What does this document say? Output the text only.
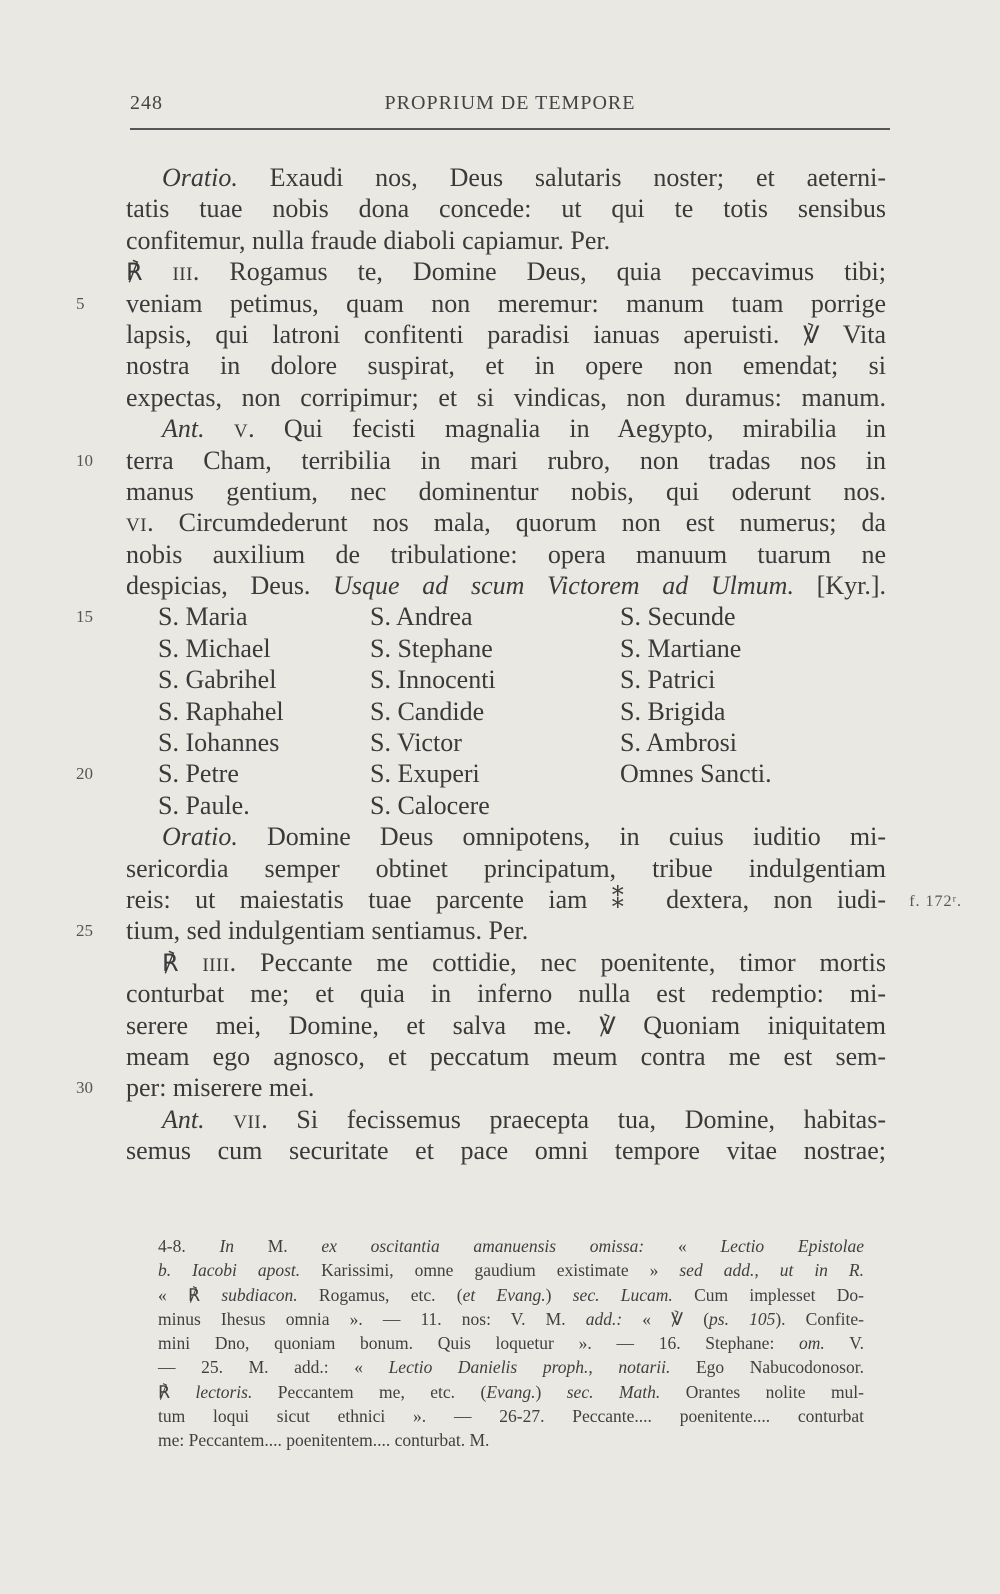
248	PROPRIUM DE TEMPORE
Oratio. Exaudi nos, Deus salutaris noster; et aeterni-
tatis tuae nobis dona concede: ut qui te totis sensibus
confitemur, nulla fraude diaboli capiamur. Per.
℟ III. Rogamus te, Domine Deus, quia peccavimus tibi;
5	veniam petimus, quam non meremur: manum tuam porrige
lapsis, qui latroni confitenti paradisi ianuas aperuisti. ℣ Vita
nostra in dolore suspirat, et in opere non emendat; si
expectas, non corripimur; et si vindicas, non duramus: manum.
Ant. V. Qui fecisti magnalia in Aegypto, mirabilia in
10	terra Cham, terribilia in mari rubro, non tradas nos in
manus gentium, nec dominentur nobis, qui oderunt nos.
VI. Circumdederunt nos mala, quorum non est numerus; da
nobis auxilium de tribulatione: opera manuum tuarum ne
despicias, Deus. Usque ad scum Victorem ad Ulmum. [Kyr.].
15	S. Maria	S. Andrea	S. Secunde
S. Michael	S. Stephane	S. Martiane
S. Gabrihel	S. Innocenti	S. Patrici
S. Raphahel	S. Candide	S. Brigida
S. Iohannes	S. Victor	S. Ambrosi
20	S. Petre	S. Exuperi	Omnes Sancti.
S. Paule.	S. Calocere
Oratio. Domine Deus omnipotens, in cuius iuditio mi-
sericordia semper obtinet principatum, tribue indulgentiam
reis: ut maiestatis tuae parcente iam ⁑ dextera, non iudi- f. 172ʳ.
25	tium, sed indulgentiam sentiamus. Per.
℟ IIII. Peccante me cottidie, nec poenitente, timor mortis
conturbat me; et quia in inferno nulla est redemptio: mi-
serere mei, Domine, et salva me. ℣ Quoniam iniquitatem
meam ego agnosco, et peccatum meum contra me est sem-
30	per: miserere mei.
Ant. VII. Si fecissemus praecepta tua, Domine, habitas-
semus cum securitate et pace omni tempore vitae nostrae;
4-8. In M. ex oscitantia amanuensis omissa: « Lectio Epistolae
b. Iacobi apost. Karissimi, omne gaudium existimate » sed add., ut in R.
« ℟ subdiacon. Rogamus, etc. (et Evang.) sec. Lucam. Cum implesset Do-
minus Ihesus omnia ». — 11. nos: V. M. add.: « ℣ (ps. 105). Confite-
mini Dno, quoniam bonum. Quis loquetur ». — 16. Stephane: om. V.
— 25. M. add.: « Lectio Danielis proph., notarii. Ego Nabucodonosor.
℟ lectoris. Peccantem me, etc. (Evang.) sec. Math. Orantes nolite mul-
tum loqui sicut ethnici ». — 26-27. Peccante.... poenitente.... conturbat
me: Peccantem.... poenitentem.... conturbat. M.
